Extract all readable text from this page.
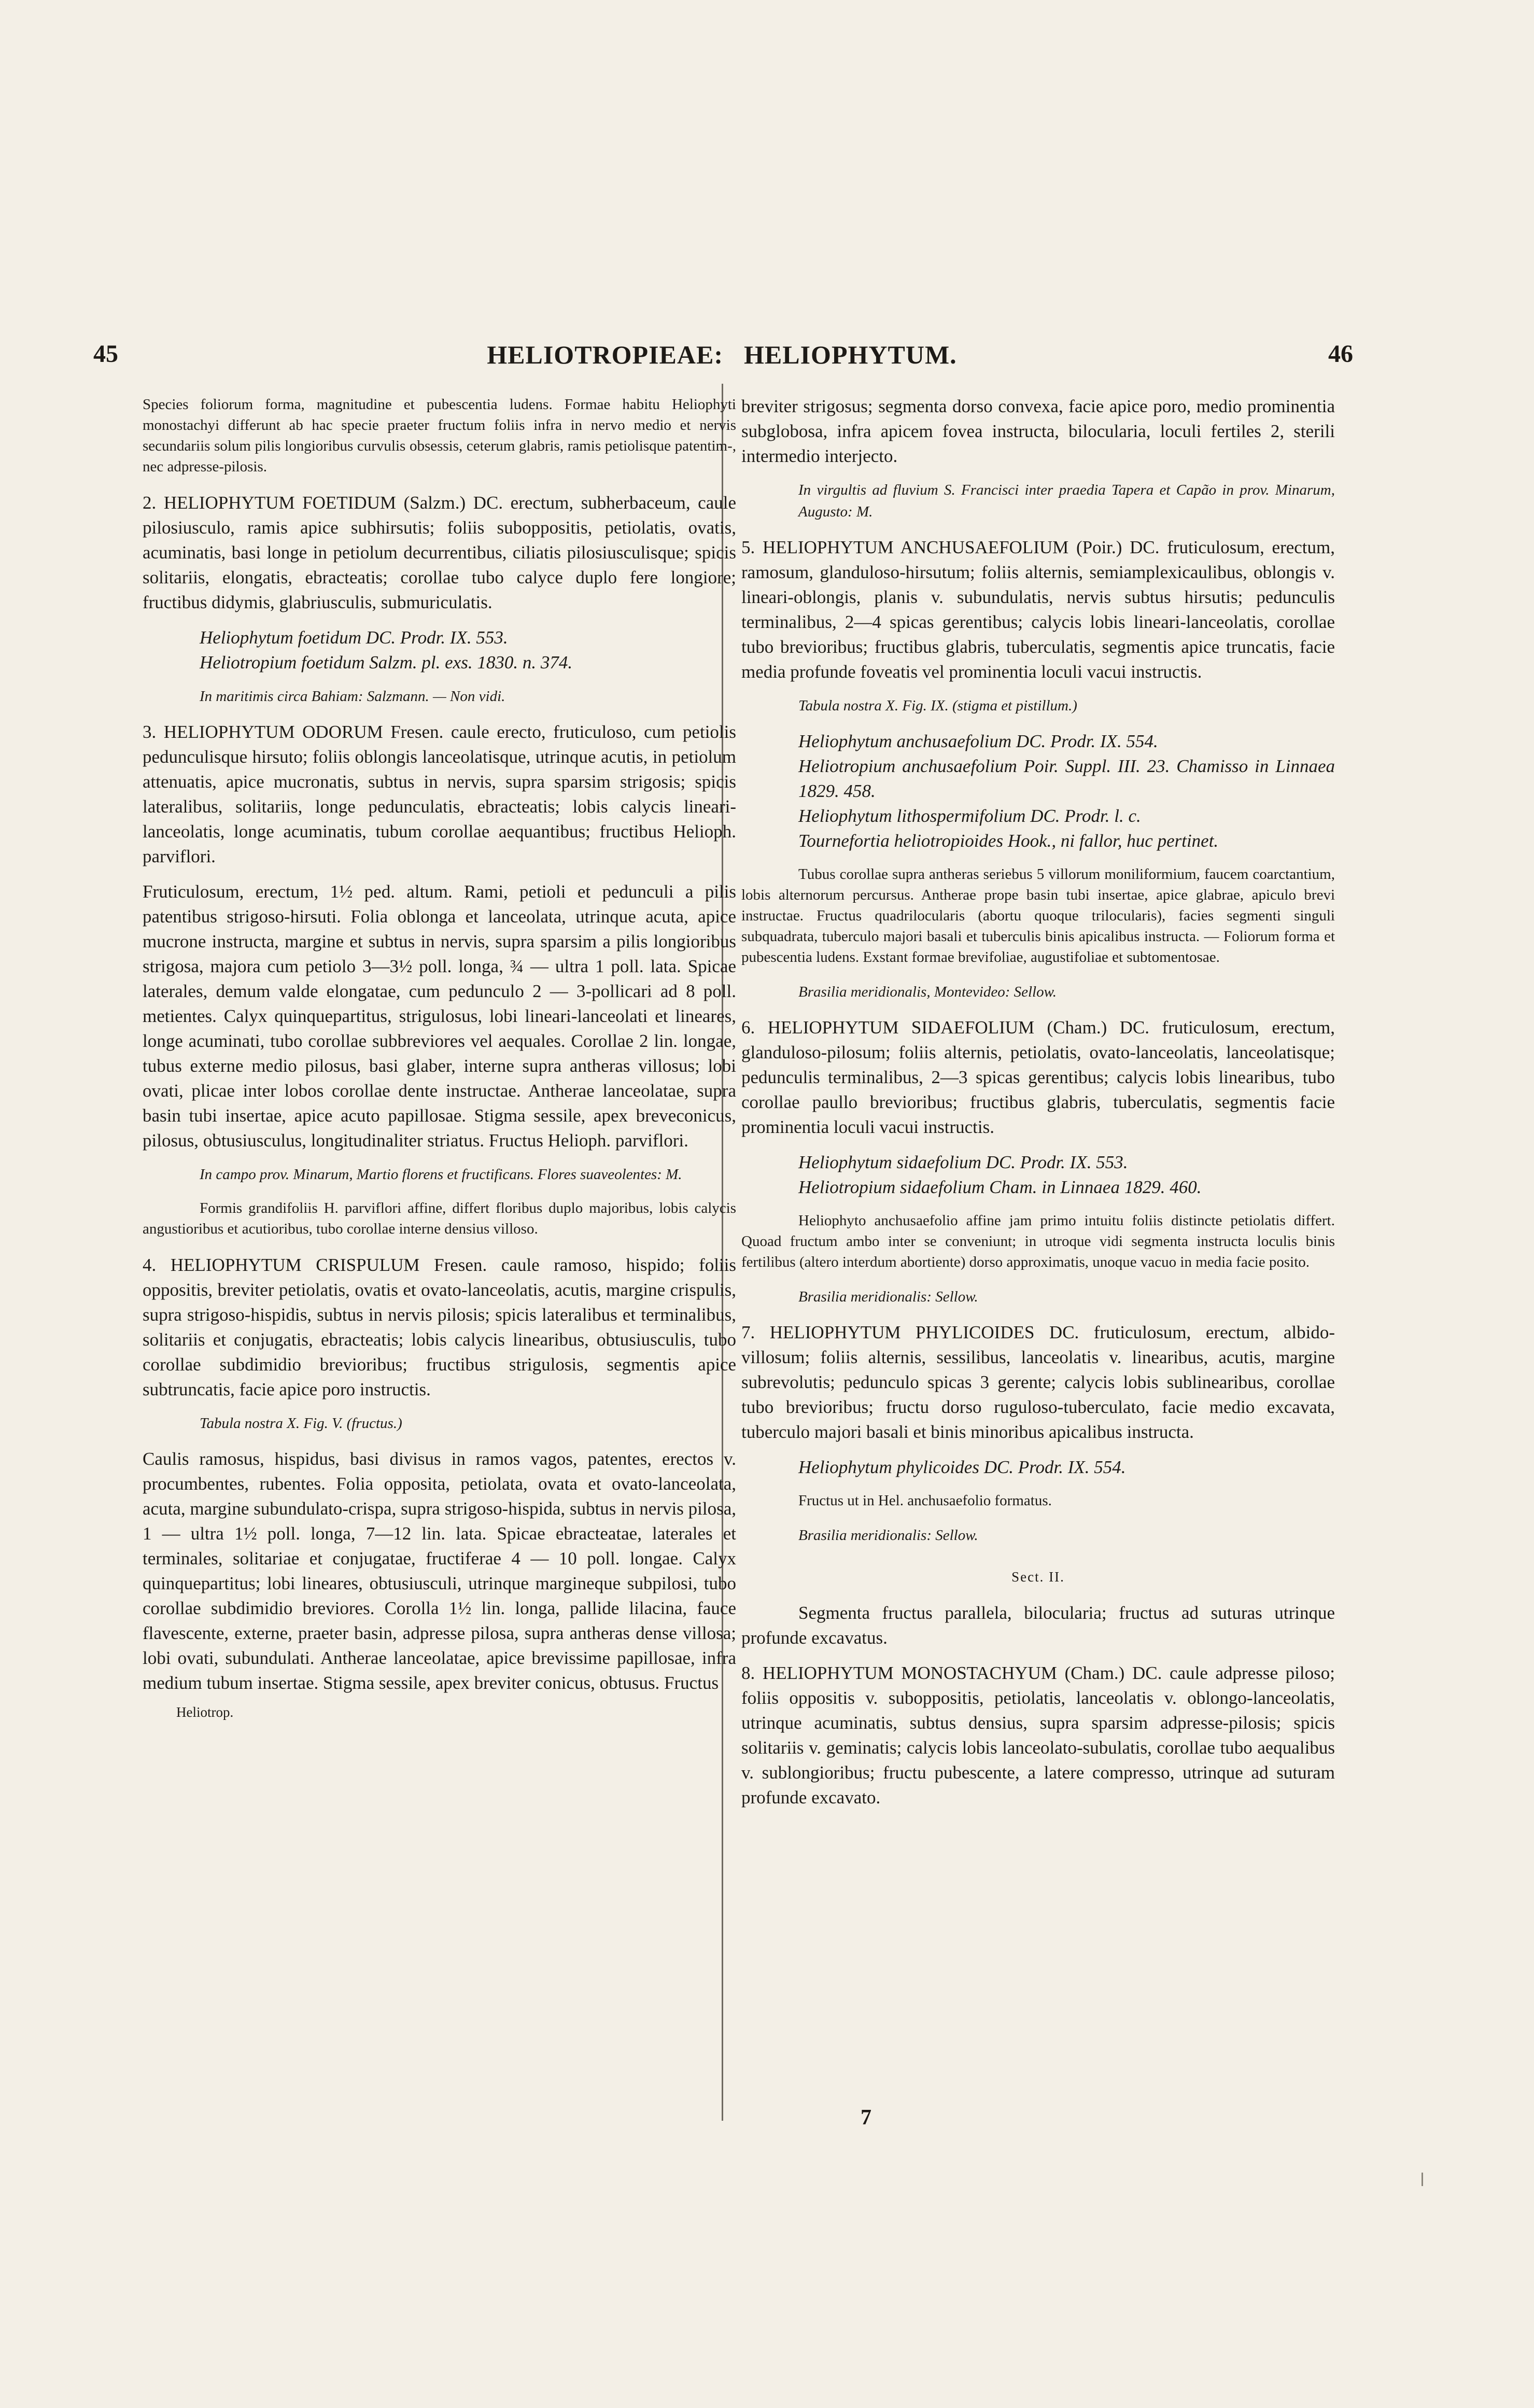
45	HELIOTROPIEAE: HELIOPHYTUM.	46

Species foliorum forma, magnitudine et pubescentia ludens. Formae habitu Heliophyti monostachyi differunt ab hac specie praeter fructum foliis infra in nervo medio et nervis secundariis solum pilis longioribus curvulis obsessis, ceterum glabris, ramis petiolisque patentim-, nec adpresse-pilosis.

2. HELIOPHYTUM FOETIDUM (Salzm.) DC. erectum, subherbaceum, caule pilosiusculo, ramis apice subhirsutis; foliis suboppositis, petiolatis, ovatis, acuminatis, basi longe in petiolum decurrentibus, ciliatis pilosiusculisque; spicis solitariis, elongatis, ebracteatis; corollae tubo calyce duplo fere longiore; fructibus didymis, glabriusculis, submuriculatis.

Heliophytum foetidum DC. Prodr. IX. 553.

Heliotropium foetidum Salzm. pl. exs. 1830. n. 374.

In maritimis circa Bahiam: Salzmann. — Non vidi.

3. HELIOPHYTUM ODORUM Fresen. caule erecto, fruticuloso, cum petiolis pedunculisque hirsuto; foliis oblongis lanceolatisque, utrinque acutis, in petiolum attenuatis, apice mucronatis, subtus in nervis, supra sparsim strigosis; spicis lateralibus, solitariis, longe pedunculatis, ebracteatis; lobis calycis lineari-lanceolatis, longe acuminatis, tubum corollae aequantibus; fructibus Helioph. parviflori.

Fruticulosum, erectum, 1½ ped. altum. Rami, petioli et pedunculi a pilis patentibus strigoso-hirsuti. Folia oblonga et lanceolata, utrinque acuta, apice mucrone instructa, margine et subtus in nervis, supra sparsim a pilis longioribus strigosa, majora cum petiolo 3—3½ poll. longa, ¾ — ultra 1 poll. lata. Spicae laterales, demum valde elongatae, cum pedunculo 2 — 3-pollicari ad 8 poll. metientes. Calyx quinquepartitus, strigulosus, lobi lineari-lanceolati et lineares, longe acuminati, tubo corollae subbreviores vel aequales. Corollae 2 lin. longae, tubus externe medio pilosus, basi glaber, interne supra antheras villosus; lobi ovati, plicae inter lobos corollae dente instructae. Antherae lanceolatae, supra basin tubi insertae, apice acuto papillosae. Stigma sessile, apex breveconicus, pilosus, obtusiusculus, longitudinaliter striatus. Fructus Helioph. parviflori.

In campo prov. Minarum, Martio florens et fructificans. Flores suaveolentes: M.

Formis grandifoliis H. parviflori affine, differt floribus duplo majoribus, lobis calycis angustioribus et acutioribus, tubo corollae interne densius villoso.

4. HELIOPHYTUM CRISPULUM Fresen. caule ramoso, hispido; foliis oppositis, breviter petiolatis, ovatis et ovato-lanceolatis, acutis, margine crispulis, supra strigoso-hispidis, subtus in nervis pilosis; spicis lateralibus et terminalibus, solitariis et conjugatis, ebracteatis; lobis calycis linearibus, obtusiusculis, tubo corollae subdimidio brevioribus; fructibus strigulosis, segmentis apice subtruncatis, facie apice poro instructis.

Tabula nostra X. Fig. V. (fructus.)

Caulis ramosus, hispidus, basi divisus in ramos vagos, patentes, erectos v. procumbentes, rubentes. Folia opposita, petiolata, ovata et ovato-lanceolata, acuta, margine subundulato-crispa, supra strigoso-hispida, subtus in nervis pilosa, 1 — ultra 1½ poll. longa, 7—12 lin. lata. Spicae ebracteatae, laterales et terminales, solitariae et conjugatae, fructiferae 4 — 10 poll. longae. Calyx quinquepartitus; lobi lineares, obtusiusculi, utrinque margineque subpilosi, tubo corollae subdimidio breviores. Corolla 1½ lin. longa, pallide lilacina, fauce flavescente, externe, praeter basin, adpresse pilosa, supra antheras dense villosa; lobi ovati, subundulati. Antherae lanceolatae, apice brevissime papillosae, infra medium tubum insertae. Stigma sessile, apex breviter conicus, obtusus. Fructus

breviter strigosus; segmenta dorso convexa, facie apice poro, medio prominentia subglobosa, infra apicem fovea instructa, bilocularia, loculi fertiles 2, sterili intermedio interjecto.

In virgultis ad fluvium S. Francisci inter praedia Tapera et Capão in prov. Minarum, Augusto: M.

5. HELIOPHYTUM ANCHUSAEFOLIUM (Poir.) DC. fruticulosum, erectum, ramosum, glanduloso-hirsutum; foliis alternis, semiamplexicaulibus, oblongis v. lineari-oblongis, planis v. subundulatis, nervis subtus hirsutis; pedunculis terminalibus, 2—4 spicas gerentibus; calycis lobis lineari-lanceolatis, corollae tubo brevioribus; fructibus glabris, tuberculatis, segmentis apice truncatis, facie media profunde foveatis vel prominentia loculi vacui instructis.

Tabula nostra X. Fig. IX. (stigma et pistillum.)

Heliophytum anchusaefolium DC. Prodr. IX. 554.

Heliotropium anchusaefolium Poir. Suppl. III. 23. Chamisso in Linnaea 1829. 458.

Heliophytum lithospermifolium DC. Prodr. l. c.

Tournefortia heliotropioides Hook., ni fallor, huc pertinet.

Tubus corollae supra antheras seriebus 5 villorum moniliformium, faucem coarctantium, lobis alternorum percursus. Antherae prope basin tubi insertae, apice glabrae, apiculo brevi instructae. Fructus quadrilocularis (abortu quoque trilocularis), facies segmenti singuli subquadrata, tuberculo majori basali et tuberculis binis apicalibus instructa. — Foliorum forma et pubescentia ludens. Exstant formae brevifoliae, augustifoliae et subtomentosae.

Brasilia meridionalis, Montevideo: Sellow.

6. HELIOPHYTUM SIDAEFOLIUM (Cham.) DC. fruticulosum, erectum, glanduloso-pilosum; foliis alternis, petiolatis, ovato-lanceolatis, lanceolatisque; pedunculis terminalibus, 2—3 spicas gerentibus; calycis lobis linearibus, tubo corollae paullo brevioribus; fructibus glabris, tuberculatis, segmentis facie prominentia loculi vacui instructis.

Heliophytum sidaefolium DC. Prodr. IX. 553.

Heliotropium sidaefolium Cham. in Linnaea 1829. 460.

Heliophyto anchusaefolio affine jam primo intuitu foliis distincte petiolatis differt. Quoad fructum ambo inter se conveniunt; in utroque vidi segmenta instructa loculis binis fertilibus (altero interdum abortiente) dorso approximatis, unoque vacuo in media facie posito.

Brasilia meridionalis: Sellow.

7. HELIOPHYTUM PHYLICOIDES DC. fruticulosum, erectum, albido-villosum; foliis alternis, sessilibus, lanceolatis v. linearibus, acutis, margine subrevolutis; pedunculo spicas 3 gerente; calycis lobis sublinearibus, corollae tubo brevioribus; fructu dorso ruguloso-tuberculato, facie medio excavata, tuberculo majori basali et binis minoribus apicalibus instructa.

Heliophytum phylicoides DC. Prodr. IX. 554.

Fructus ut in Hel. anchusaefolio formatus.

Brasilia meridionalis: Sellow.

Sect. II.

Segmenta fructus parallela, bilocularia; fructus ad suturas utrinque profunde excavatus.

8. HELIOPHYTUM MONOSTACHYUM (Cham.) DC. caule adpresse piloso; foliis oppositis v. suboppositis, petiolatis, lanceolatis v. oblongo-lanceolatis, utrinque acuminatis, subtus densius, supra sparsim adpresse-pilosis; spicis solitariis v. geminatis; calycis lobis lanceolato-subulatis, corollae tubo aequalibus v. sublongioribus; fructu pubescente, a latere compresso, utrinque ad suturam profunde excavato.

Heliotrop.
7
